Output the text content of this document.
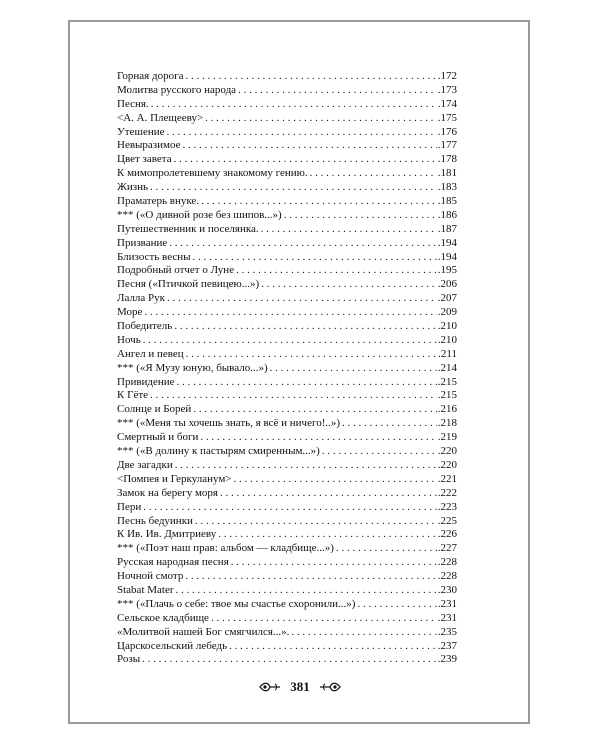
Горная дорога . . .	.172
Молитва русского народа . . .	.173
Песня. . . .	.174
<А. А. Плещееву> . . .	.175
Утешение . . .	.176
Невыразимое . . .	.177
Цвет завета . . .	.178
К мимопролетевшему знакомому гению. . . .	.181
Жизнь . . .	.183
Праматерь внуке. . . .	.185
*** («О дивной розе без шипов...») . . .	.186
Путешественник и поселянка. . . .	.187
Призвание . . .	.194
Близость весны . . .	.194
Подробный отчет о Луне . . .	.195
Песня («Птичкой певицею...») . . .	.206
Лалла Рук . . .	.207
Море . . .	.209
Победитель . . .	.210
Ночь . . .	.210
Ангел и певец . . .	.211
*** («Я Музу юную, бывало...») . . .	.214
Привидение . . .	.215
К Гёте . . .	.215
Солнце и Борей . . .	.216
*** («Меня ты хочешь знать, я всё и ничего!..») . . .	.218
Смертный и боги . . .	.219
*** («В долину к пастырям смиренным...») . . .	.220
Две загадки . . .	.220
<Помпея и Геркуланум> . . .	.221
Замок на берегу моря . . .	.222
Пери . . .	.223
Песнь бедуинки . . .	.225
К Ив. Ив. Дмитриеву . . .	.226
*** («Поэт наш прав: альбом — кладбище...») . . .	.227
Русская народная песня . . .	.228
Ночной смотр . . .	.228
Stabat Mater . . .	.230
*** («Плачь о себе: твое мы счастье схоронили...») . . .	.231
Сельское кладбище . . .	.231
«Молитвой нашей Бог смягчился...». . . .	.235
Царскосельский лебедь . . .	.237
Розы . . .	.239
381
